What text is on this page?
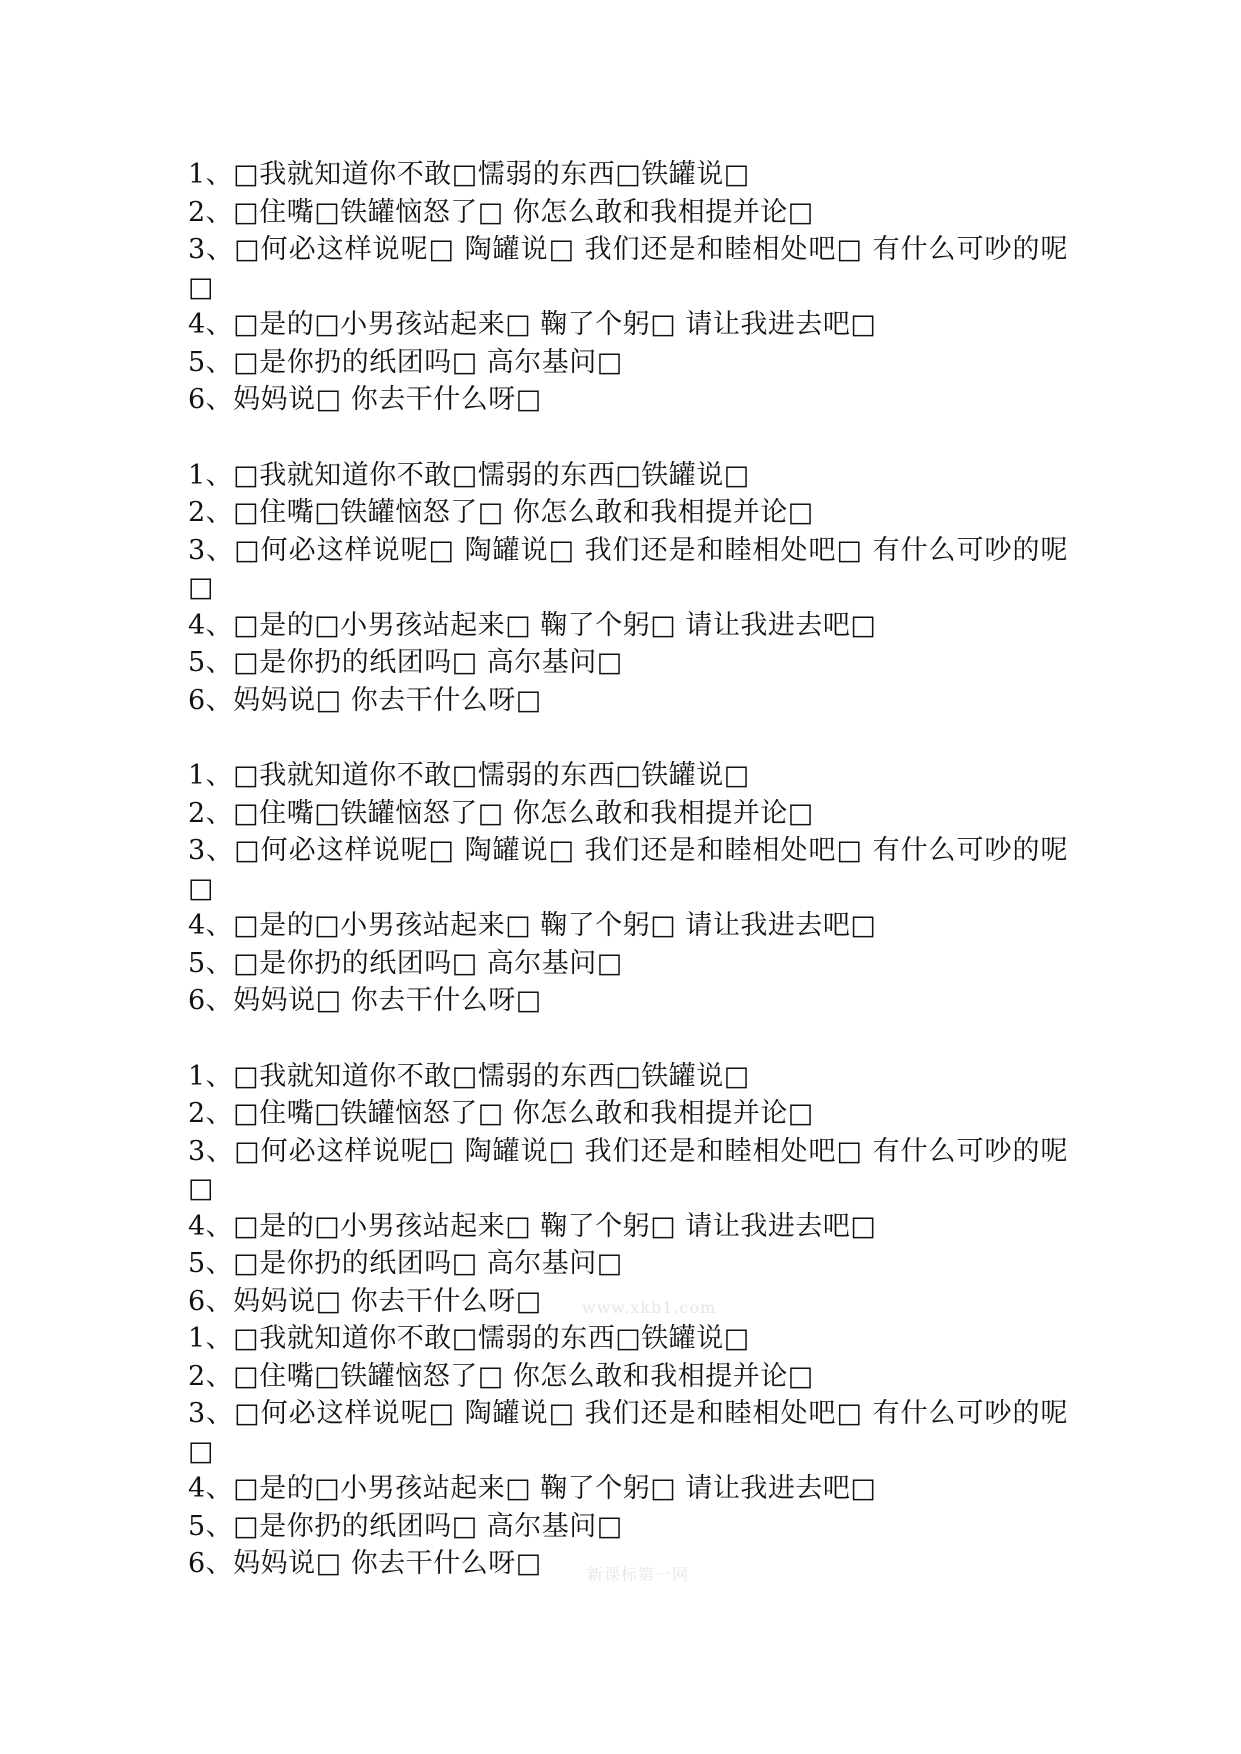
1、□我就知道你不敢□懦弱的东西□铁罐说□
2、□住嘴□铁罐恼怒了□ 你怎么敢和我相提并论□
3、□何必这样说呢□ 陶罐说□ 我们还是和睦相处吧□ 有什么可吵的呢□
4、□是的□小男孩站起来□ 鞠了个躬□ 请让我进去吧□
5、□是你扔的纸团吗□ 高尔基问□
6、妈妈说□ 你去干什么呀□
1、□我就知道你不敢□懦弱的东西□铁罐说□
2、□住嘴□铁罐恼怒了□ 你怎么敢和我相提并论□
3、□何必这样说呢□ 陶罐说□ 我们还是和睦相处吧□ 有什么可吵的呢□
4、□是的□小男孩站起来□ 鞠了个躬□ 请让我进去吧□
5、□是你扔的纸团吗□ 高尔基问□
6、妈妈说□ 你去干什么呀□
1、□我就知道你不敢□懦弱的东西□铁罐说□
2、□住嘴□铁罐恼怒了□ 你怎么敢和我相提并论□
3、□何必这样说呢□ 陶罐说□ 我们还是和睦相处吧□ 有什么可吵的呢□
4、□是的□小男孩站起来□ 鞠了个躬□ 请让我进去吧□
5、□是你扔的纸团吗□ 高尔基问□
6、妈妈说□ 你去干什么呀□
1、□我就知道你不敢□懦弱的东西□铁罐说□
2、□住嘴□铁罐恼怒了□ 你怎么敢和我相提并论□
3、□何必这样说呢□ 陶罐说□ 我们还是和睦相处吧□ 有什么可吵的呢□
4、□是的□小男孩站起来□ 鞠了个躬□ 请让我进去吧□
5、□是你扔的纸团吗□ 高尔基问□
6、妈妈说□ 你去干什么呀□
1、□我就知道你不敢□懦弱的东西□铁罐说□
2、□住嘴□铁罐恼怒了□ 你怎么敢和我相提并论□
3、□何必这样说呢□ 陶罐说□ 我们还是和睦相处吧□ 有什么可吵的呢□
4、□是的□小男孩站起来□ 鞠了个躬□ 请让我进去吧□
5、□是你扔的纸团吗□ 高尔基问□
6、妈妈说□ 你去干什么呀□
www.xkb1.com
新课标第一网
